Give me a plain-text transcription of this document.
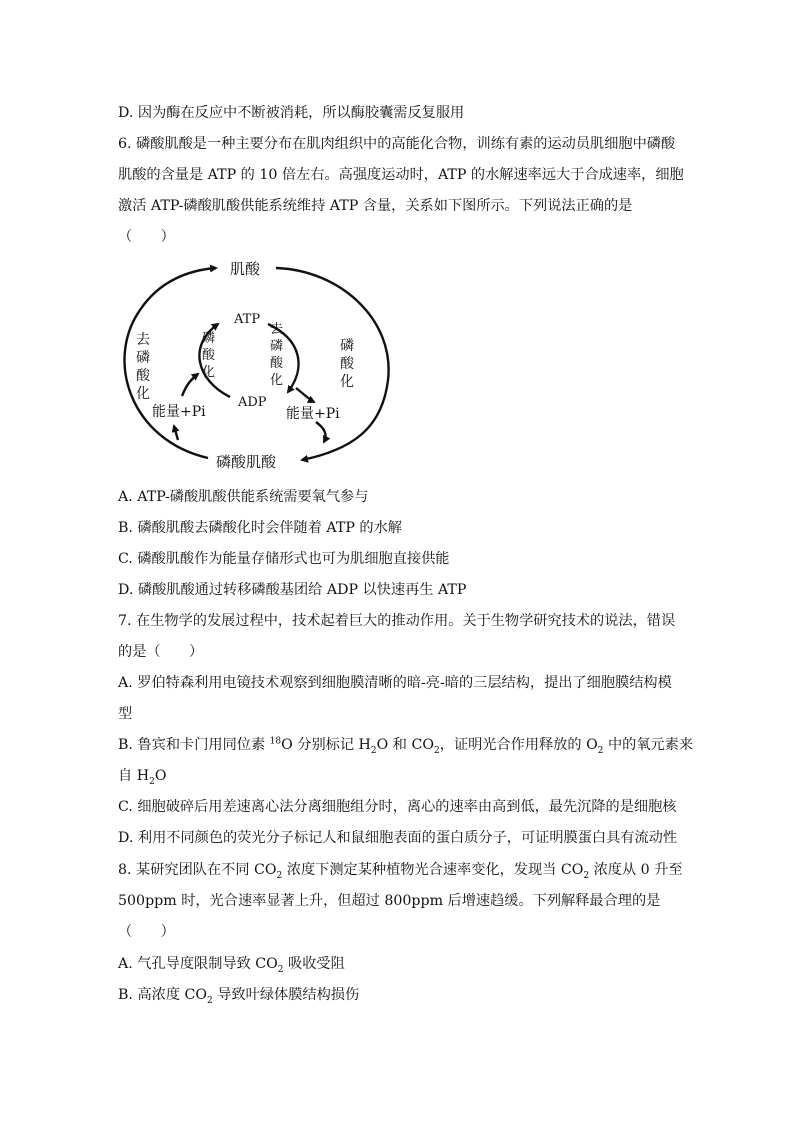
D. 因为酶在反应中不断被消耗，所以酶胶囊需反复服用
6. 磷酸肌酸是一种主要分布在肌肉组织中的高能化合物，训练有素的运动员肌细胞中磷酸
肌酸的含量是 ATP 的 10 倍左右。高强度运动时，ATP 的水解速率远大于合成速率，细胞
激活 ATP-磷酸肌酸供能系统维持 ATP 含量，关系如下图所示。下列说法正确的是
（　　）
肌酸
磷酸肌酸
ATP
ADP
能量+Pi	能量+Pi
去
磷
酸
化
磷
酸
化
磷
酸
化
去
磷
酸
化
A. ATP-磷酸肌酸供能系统需要氧气参与
B. 磷酸肌酸去磷酸化时会伴随着 ATP 的水解
C. 磷酸肌酸作为能量存储形式也可为肌细胞直接供能
D. 磷酸肌酸通过转移磷酸基团给 ADP 以快速再生 ATP
7. 在生物学的发展过程中，技术起着巨大的推动作用。关于生物学研究技术的说法，错误
的是（　　）
A. 罗伯特森利用电镜技术观察到细胞膜清晰的暗-亮-暗的三层结构，提出了细胞膜结构模
型
B. 鲁宾和卡门用同位素 $^{18}$O 分别标记 $H_2O$ 和 $CO_2$，证明光合作用释放的 $O_2$ 中的氧元素来
自 $H_2O$
C. 细胞破碎后用差速离心法分离细胞组分时，离心的速率由高到低，最先沉降的是细胞核
D. 利用不同颜色的荧光分子标记人和鼠细胞表面的蛋白质分子，可证明膜蛋白具有流动性
8. 某研究团队在不同 $CO_2$ 浓度下测定某种植物光合速率变化，发现当 $CO_2$ 浓度从 0 升至
500ppm 时，光合速率显著上升，但超过 800ppm 后增速趋缓。下列解释最合理的是
（　　）
A. 气孔导度限制导致 $CO_2$ 吸收受阻
B. 高浓度 $CO_2$ 导致叶绿体膜结构损伤
